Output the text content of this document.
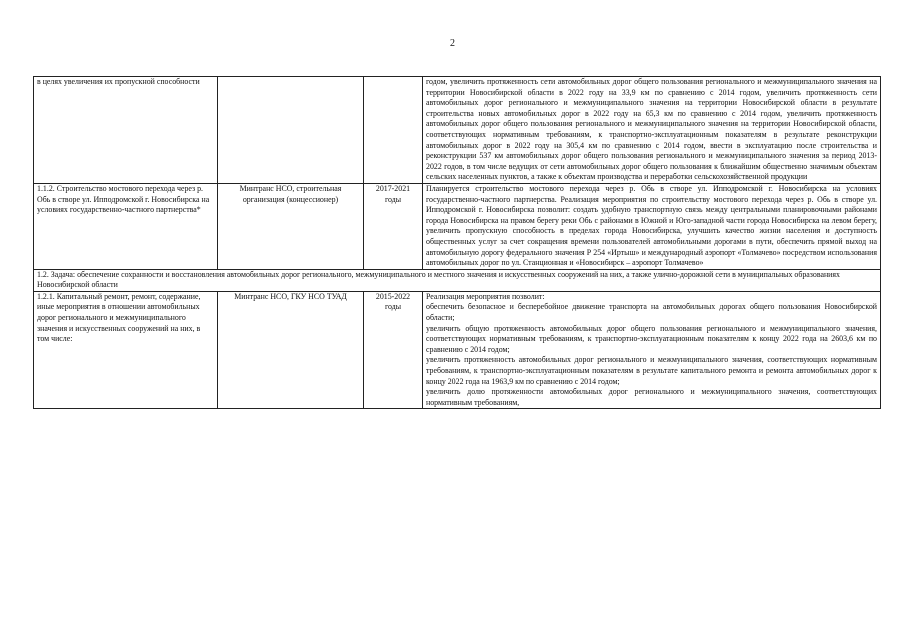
2
в целях увеличения их пропускной способности			годом, увеличить протяженность сети автомобильных дорог общего пользования регионального и межмуниципального значения на территории Новосибирской области в 2022 году на 33,9 км по сравнению с 2014 годом, увеличить протяженность сети автомобильных дорог регионального и межмуниципального значения на территории Новосибирской области в результате строительства новых автомобильных дорог в 2022 году на 65,3 км по сравнению с 2014 годом, увеличить протяженность автомобильных дорог общего пользования регионального и межмуниципального значения на территории Новосибирской области, соответствующих нормативным требованиям, к транспортно-эксплуатационным показателям в результате реконструкции автомобильных дорог в 2022 году на 305,4 км по сравнению с 2014 годом, ввести в эксплуатацию после строительства и реконструкции 537 км автомобильных дорог общего пользования регионального и межмуниципального значения за период 2013-2022 годов, в том числе ведущих от сети автомобильных дорог общего пользования к ближайшим общественно значимым объектам сельских населенных пунктов, а также к объектам производства и переработки сельскохозяйственной продукции
1.1.2. Строительство мостового перехода через р. Обь в створе ул. Ипподромской г. Новосибирска на условиях государственно-частного партнерства*	Минтранс НСО, строительная организация (концессионер)	2017-2021 годы	Планируется строительство мостового перехода через р. Обь в створе ул. Ипподромской г. Новосибирска на условиях государственно-частного партнерства. Реализация мероприятия по строительству мостового перехода через р. Обь в створе ул. Ипподромской г. Новосибирска позволит: создать удобную транспортную связь между центральными планировочными районами города Новосибирска на правом берегу реки Обь с районами в Южной и Юго-западной части города Новосибирска на левом берегу, увеличить пропускную способность в пределах города Новосибирска, улучшить качество жизни населения и доступность общественных услуг за счет сокращения времени пользователей автомобильными дорогами в пути, обеспечить прямой выход на автомобильную дорогу федерального значения Р 254 «Иртыш» и международный аэропорт «Толмачево» посредством использования автомобильных дорог по ул. Станционная и «Новосибирск – аэропорт Толмачево»
1.2. Задача: обеспечение сохранности и восстановления автомобильных дорог регионального, межмуниципального и местного значения и искусственных сооружений на них, а также улично-дорожной сети в муниципальных образованиях Новосибирской области			
1.2.1. Капитальный ремонт, ремонт, содержание, иные мероприятия в отношении автомобильных дорог регионального и межмуниципального значения и искусственных сооружений на них, в том числе:	Минтранс НСО, ГКУ НСО ТУАД	2015-2022 годы	Реализация мероприятия позволит:

обеспечить безопасное и бесперебойное движение транспорта на автомобильных дорогах общего пользования Новосибирской области;

увеличить общую протяженность автомобильных дорог общего пользования регионального и межмуниципального значения, соответствующих нормативным требованиям, к транспортно-эксплуатационным показателям к концу 2022 года на 2603,6 км по сравнению с 2014 годом;

увеличить протяженность автомобильных дорог регионального и межмуниципального значения, соответствующих нормативным требованиям, к транспортно-эксплуатационным показателям в результате капитального ремонта и ремонта автомобильных дорог к концу 2022 года на 1963,9 км по сравнению с 2014 годом;

увеличить долю протяженности автомобильных дорог регионального и межмуниципального значения, соответствующих нормативным требованиям,
